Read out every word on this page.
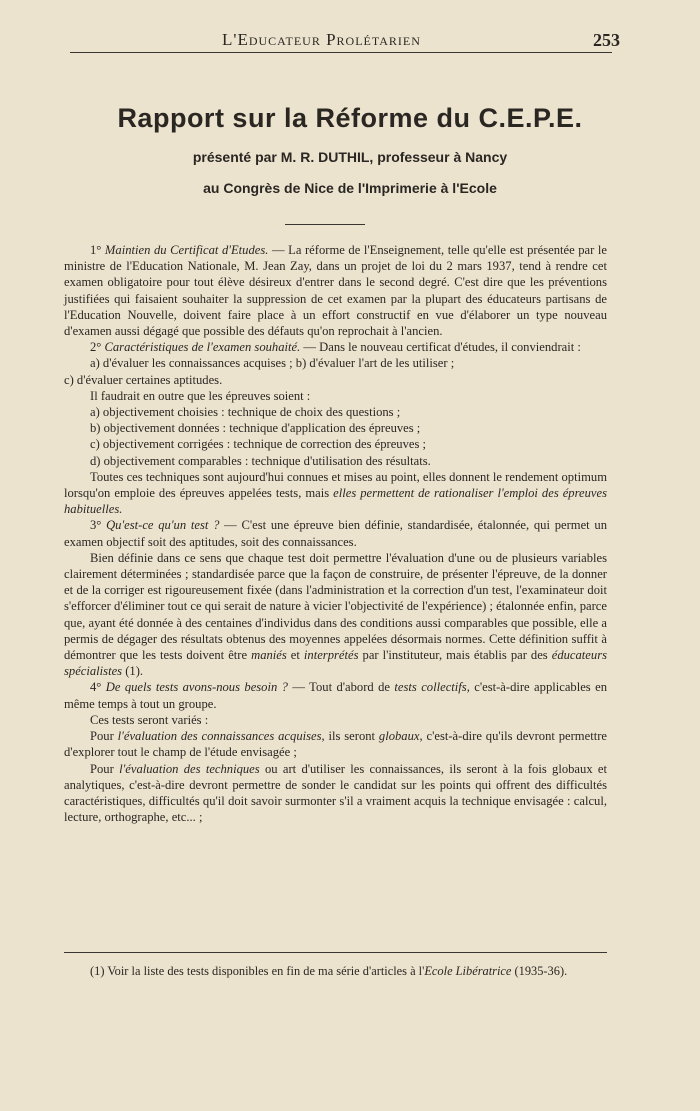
L'Educateur Prolétarien	253
Rapport sur la Réforme du C.E.P.E.
présenté par M. R. DUTHIL, professeur à Nancy
au Congrès de Nice de l'Imprimerie à l'Ecole

1° Maintien du Certificat d'Etudes. — La réforme de l'Enseignement, telle qu'elle est présentée par le ministre de l'Education Nationale, M. Jean Zay, dans un projet de loi du 2 mars 1937, tend à rendre cet examen obligatoire pour tout élève désireux d'entrer dans le second degré. C'est dire que les préventions justifiées qui faisaient souhaiter la suppression de cet examen par la plupart des éducateurs partisans de l'Education Nouvelle, doivent faire place à un effort constructif en vue d'élaborer un type nouveau d'examen aussi dégagé que possible des défauts qu'on reprochait à l'ancien.

2° Caractéristiques de l'examen souhaité. — Dans le nouveau certificat d'études, il conviendrait :

a) d'évaluer les connaissances acquises ; b) d'évaluer l'art de les utiliser ;

c) d'évaluer certaines aptitudes.

Il faudrait en outre que les épreuves soient :

a) objectivement choisies : technique de choix des questions ;

b) objectivement données : technique d'application des épreuves ;

c) objectivement corrigées : technique de correction des épreuves ;

d) objectivement comparables : technique d'utilisation des résultats.

Toutes ces techniques sont aujourd'hui connues et mises au point, elles donnent le rendement optimum lorsqu'on emploie des épreuves appelées tests, mais elles permettent de rationaliser l'emploi des épreuves habituelles.

3° Qu'est-ce qu'un test ? — C'est une épreuve bien définie, standardisée, étalonnée, qui permet un examen objectif soit des aptitudes, soit des connaissances.

Bien définie dans ce sens que chaque test doit permettre l'évaluation d'une ou de plusieurs variables clairement déterminées ; standardisée parce que la façon de construire, de présenter l'épreuve, de la donner et de la corriger est rigoureusement fixée (dans l'administration et la correction d'un test, l'examinateur doit s'efforcer d'éliminer tout ce qui serait de nature à vicier l'objectivité de l'expérience) ; étalonnée enfin, parce que, ayant été donnée à des centaines d'individus dans des conditions aussi comparables que possible, elle a permis de dégager des résultats obtenus des moyennes appelées désormais normes. Cette définition suffit à démontrer que les tests doivent être maniés et interprétés par l'instituteur, mais établis par des éducateurs spécialistes (1).

4° De quels tests avons-nous besoin ? — Tout d'abord de tests collectifs, c'est-à-dire applicables en même temps à tout un groupe.

Ces tests seront variés :

Pour l'évaluation des connaissances acquises, ils seront globaux, c'est-à-dire qu'ils devront permettre d'explorer tout le champ de l'étude envisagée ;

Pour l'évaluation des techniques ou art d'utiliser les connaissances, ils seront à la fois globaux et analytiques, c'est-à-dire devront permettre de sonder le candidat sur les points qui offrent des difficultés caractéristiques, difficultés qu'il doit savoir surmonter s'il a vraiment acquis la technique envisagée : calcul, lecture, orthographe, etc... ;

(1) Voir la liste des tests disponibles en fin de ma série d'articles à l'Ecole Libératrice (1935-36).
